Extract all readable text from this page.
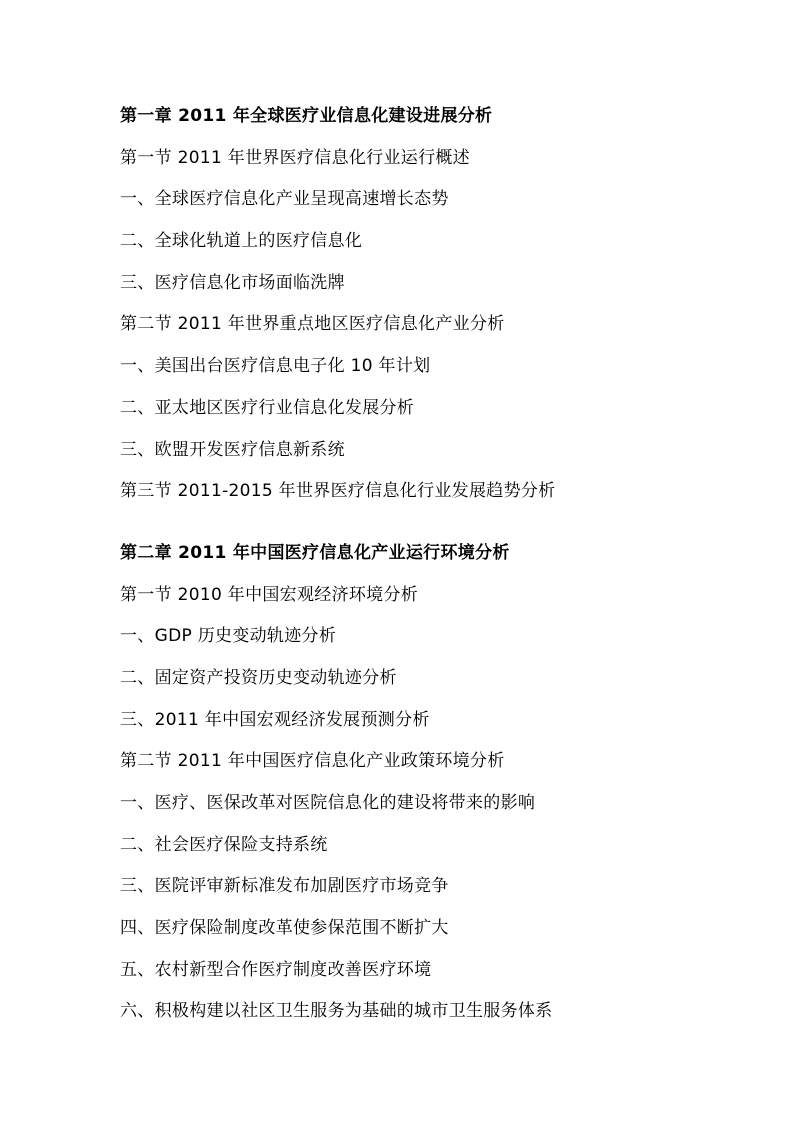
第一章 2011 年全球医疗业信息化建设进展分析
第一节 2011 年世界医疗信息化行业运行概述
一、全球医疗信息化产业呈现高速增长态势
二、全球化轨道上的医疗信息化
三、医疗信息化市场面临洗牌
第二节 2011 年世界重点地区医疗信息化产业分析
一、美国出台医疗信息电子化 10 年计划
二、亚太地区医疗行业信息化发展分析
三、欧盟开发医疗信息新系统
第三节 2011-2015 年世界医疗信息化行业发展趋势分析
第二章 2011 年中国医疗信息化产业运行环境分析
第一节 2010 年中国宏观经济环境分析
一、GDP 历史变动轨迹分析
二、固定资产投资历史变动轨迹分析
三、2011 年中国宏观经济发展预测分析
第二节 2011 年中国医疗信息化产业政策环境分析
一、医疗、医保改革对医院信息化的建设将带来的影响
二、社会医疗保险支持系统
三、医院评审新标准发布加剧医疗市场竞争
四、医疗保险制度改革使参保范围不断扩大
五、农村新型合作医疗制度改善医疗环境
六、积极构建以社区卫生服务为基础的城市卫生服务体系
